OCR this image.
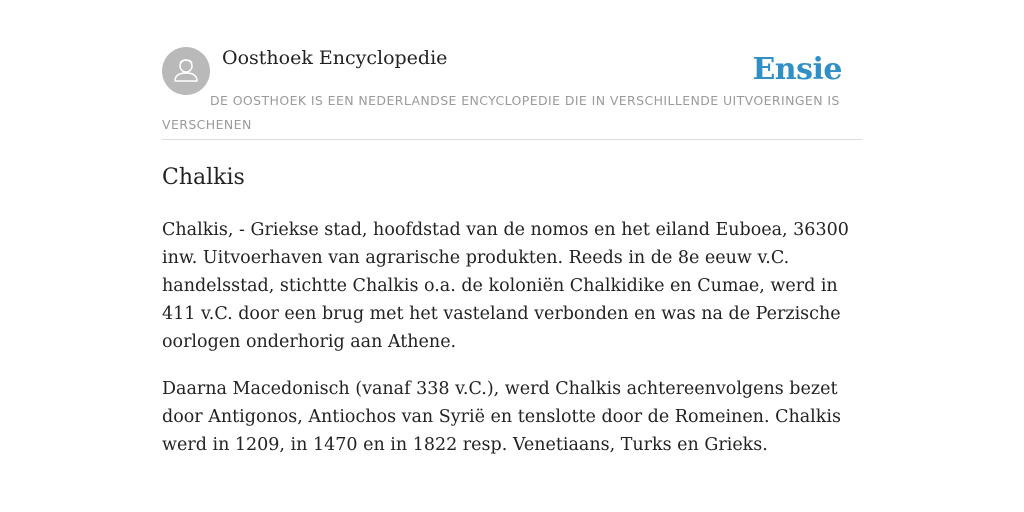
Oosthoek Encyclopedie	Ensie
DE OOSTHOEK IS EEN NEDERLANDSE ENCYCLOPEDIE DIE IN VERSCHILLENDE UITVOERINGEN IS VERSCHENEN
Chalkis

Chalkis, - Griekse stad, hoofdstad van de nomos en het eiland Euboea, 36300 inw. Uitvoerhaven van agrarische produkten. Reeds in de 8e eeuw v.C. handelsstad, stichtte Chalkis o.a. de koloniën Chalkidike en Cumae, werd in 411 v.C. door een brug met het vasteland verbonden en was na de Perzische oorlogen onderhorig aan Athene.

Daarna Macedonisch (vanaf 338 v.C.), werd Chalkis achtereenvolgens bezet door Antigonos, Antiochos van Syrië en tenslotte door de Romeinen. Chalkis werd in 1209, in 1470 en in 1822 resp. Venetiaans, Turks en Grieks.
